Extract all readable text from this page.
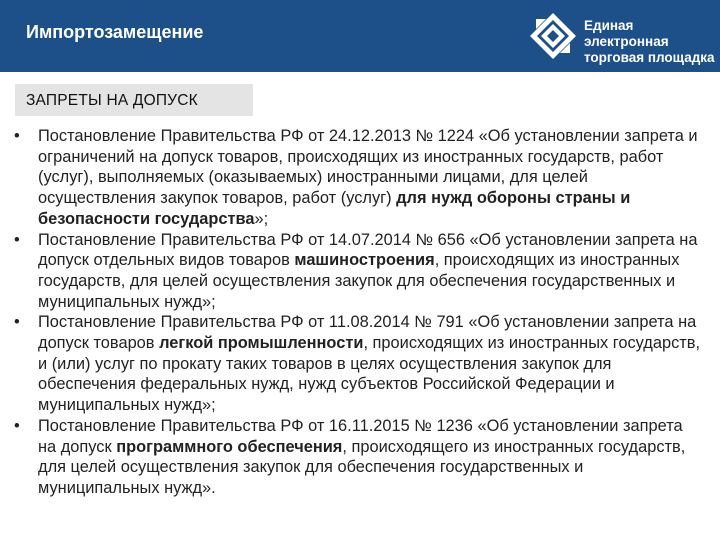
Импортозамещение	Единая электронная
торговая площадка
ЗАПРЕТЫ НА ДОПУСК
• Постановление Правительства РФ от 24.12.2013 № 1224 «Об установлении запрета и ограничений на допуск товаров, происходящих из иностранных государств, работ (услуг), выполняемых (оказываемых) иностранными лицами, для целей осуществления закупок товаров, работ (услуг) для нужд обороны страны и безопасности государства»;
• Постановление Правительства РФ от 14.07.2014 № 656 «Об установлении запрета на допуск отдельных видов товаров машиностроения, происходящих из иностранных государств, для целей осуществления закупок для обеспечения государственных и муниципальных нужд»;
• Постановление Правительства РФ от 11.08.2014 № 791 «Об установлении запрета на допуск товаров легкой промышленности, происходящих из иностранных государств, и (или) услуг по прокату таких товаров в целях осуществления закупок для обеспечения федеральных нужд, нужд субъектов Российской Федерации и муниципальных нужд»;
• Постановление Правительства РФ от 16.11.2015 № 1236 «Об установлении запрета на допуск программного обеспечения, происходящего из иностранных государств, для целей осуществления закупок для обеспечения государственных и муниципальных нужд».
